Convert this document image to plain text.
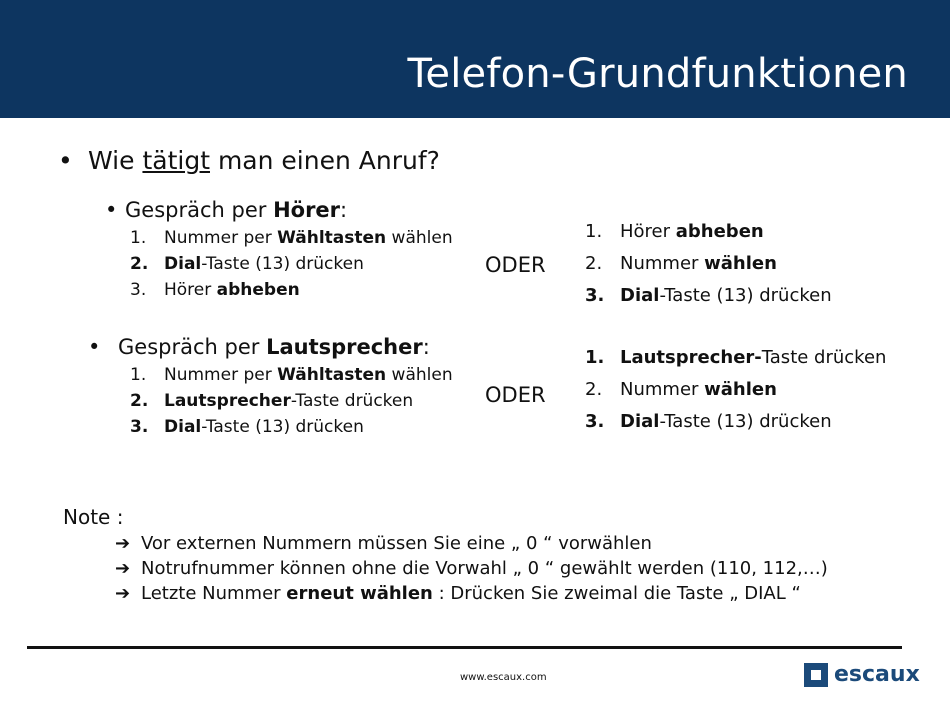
Telefon-Grundfunktionen
• Wie tätigt man einen Anruf?
• Gespräch per Hörer:
1. Nummer per Wähltasten wählen
2. Dial-Taste (13) drücken
3. Hörer abheben
ODER
1. Hörer abheben
2. Nummer wählen
3. Dial-Taste (13) drücken
• Gespräch per Lautsprecher:
1. Nummer per Wähltasten wählen
2. Lautsprecher-Taste drücken
3. Dial-Taste (13) drücken
ODER
1. Lautsprecher-Taste drücken
2. Nummer wählen
3. Dial-Taste (13) drücken
Note :
➔ Vor externen Nummern müssen Sie eine „ 0 “ vorwählen
➔ Notrufnummer können ohne die Vorwahl „ 0 “ gewählt werden (110, 112,…)
➔ Letzte Nummer erneut wählen : Drücken Sie zweimal die Taste „ DIAL “
www.escaux.com	escaux
